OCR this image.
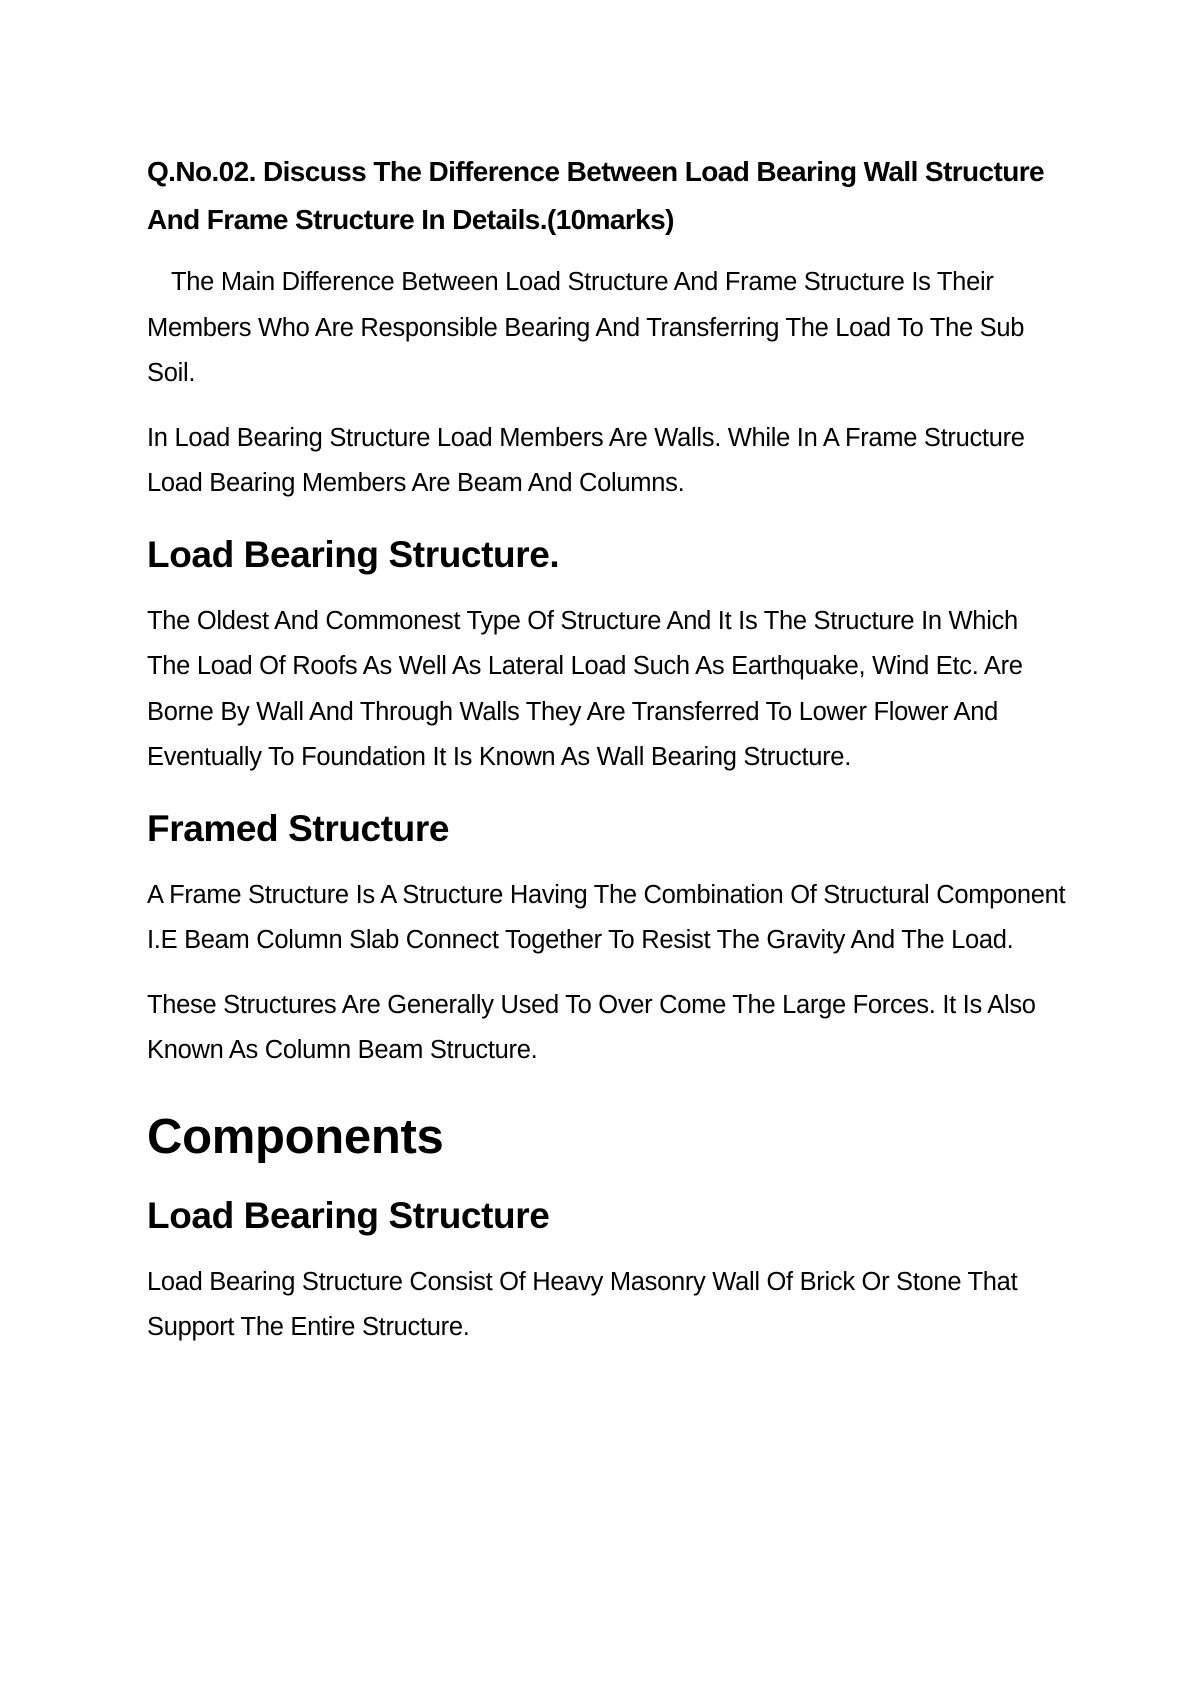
Q.No.02. Discuss The Difference Between Load Bearing Wall Structure And Frame Structure In Details.(10marks)

The Main Difference Between Load Structure And Frame Structure Is Their Members Who Are Responsible Bearing And Transferring The Load To The Sub Soil.

In Load Bearing Structure Load Members Are Walls. While In A Frame Structure Load Bearing Members Are Beam And Columns.

Load Bearing Structure.

The Oldest And Commonest Type Of Structure And It Is The Structure In Which The Load Of Roofs As Well As Lateral Load Such As Earthquake, Wind Etc. Are Borne By Wall And Through Walls They Are Transferred To Lower Flower And Eventually To Foundation It Is Known As Wall Bearing Structure.

Framed Structure

A Frame Structure Is A Structure Having The Combination Of Structural Component I.E Beam Column Slab Connect Together To Resist The Gravity And The Load.

These Structures Are Generally Used To Over Come The Large Forces. It Is Also Known As Column Beam Structure.

Components
Load Bearing Structure

Load Bearing Structure Consist Of Heavy Masonry Wall Of Brick Or Stone That Support The Entire Structure.
